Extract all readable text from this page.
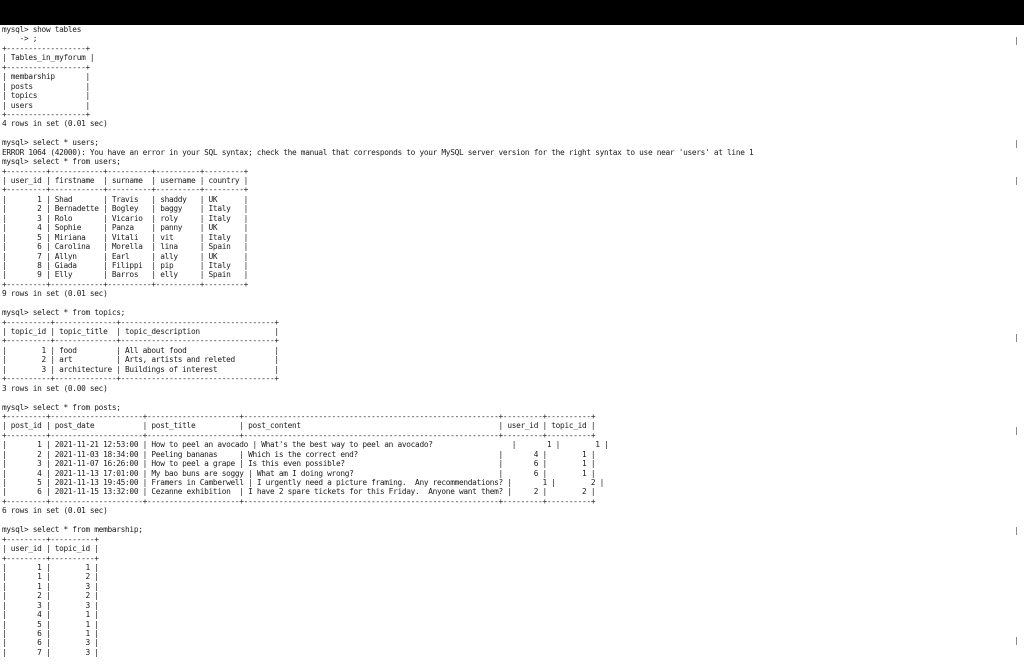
mysql> show tables
-> ;
+------------------+
| Tables_in_myforum |
+------------------+
| membarship       |
| posts            |
| topics           |
| users            |
+------------------+
4 rows in set (0.01 sec)

mysql> select * users;
ERROR 1064 (42000): You have an error in your SQL syntax; check the manual that corresponds to your MySQL server version for the right syntax to use near 'users' at line 1
mysql> select * from users;
+---------+------------+----------+----------+---------+
| user_id | firstname  | surname  | username | country |
+---------+------------+----------+----------+---------+
|       1 | Shad       | Travis   | shaddy   | UK      |
|       2 | Bernadette | Bogley   | baggy    | Italy   |
|       3 | Rolo       | Vicario  | roly     | Italy   |
|       4 | Sophie     | Panza    | panny    | UK      |
|       5 | Miriana    | Vitali   | vit      | Italy   |
|       6 | Carolina   | Morella  | lina     | Spain   |
|       7 | Allyn      | Earl     | ally     | UK      |
|       8 | Giada      | Filippi  | pip      | Italy   |
|       9 | Elly       | Barros   | elly     | Spain   |
+---------+------------+----------+----------+---------+
9 rows in set (0.01 sec)

mysql> select * from topics;
+----------+--------------+-----------------------------------+
| topic_id | topic_title  | topic_description                 |
+----------+--------------+-----------------------------------+
|        1 | food         | All about food                    |
|        2 | art          | Arts, artists and releted         |
|        3 | architecture | Buildings of interest             |
+----------+--------------+-----------------------------------+
3 rows in set (0.00 sec)

mysql> select * from posts;
+---------+---------------------+---------------------+----------------------------------------------------------+---------+----------+
| post_id | post_date           | post_title          | post_content                                             | user_id | topic_id |
+---------+---------------------+---------------------+----------------------------------------------------------+---------+----------+
|       1 | 2021-11-21 12:53:00 | How to peel an avocado | What's the best way to peel an avocado?                  |       1 |        1 |
|       2 | 2021-11-03 18:34:00 | Peeling bananas     | Which is the correct end?                                |       4 |        1 |
|       3 | 2021-11-07 16:26:00 | How to peel a grape | Is this even possible?                                   |       6 |        1 |
|       4 | 2021-11-13 17:01:00 | My bao buns are soggy | What am I doing wrong?                                 |       6 |        1 |
|       5 | 2021-11-13 19:45:00 | Framers in Camberwell | I urgently need a picture framing.  Any recommendations? |       1 |        2 |
|       6 | 2021-11-15 13:32:00 | Cezanne exhibition  | I have 2 spare tickets for this Friday.  Anyone want them? |     2 |        2 |
+---------+---------------------+---------------------+----------------------------------------------------------+---------+----------+
6 rows in set (0.01 sec)

mysql> select * from membarship;
+---------+----------+
| user_id | topic_id |
+---------+----------+
|       1 |        1 |
|       1 |        2 |
|       1 |        3 |
|       2 |        2 |
|       3 |        3 |
|       4 |        1 |
|       5 |        1 |
|       6 |        1 |
|       6 |        3 |
|       7 |        3 |
